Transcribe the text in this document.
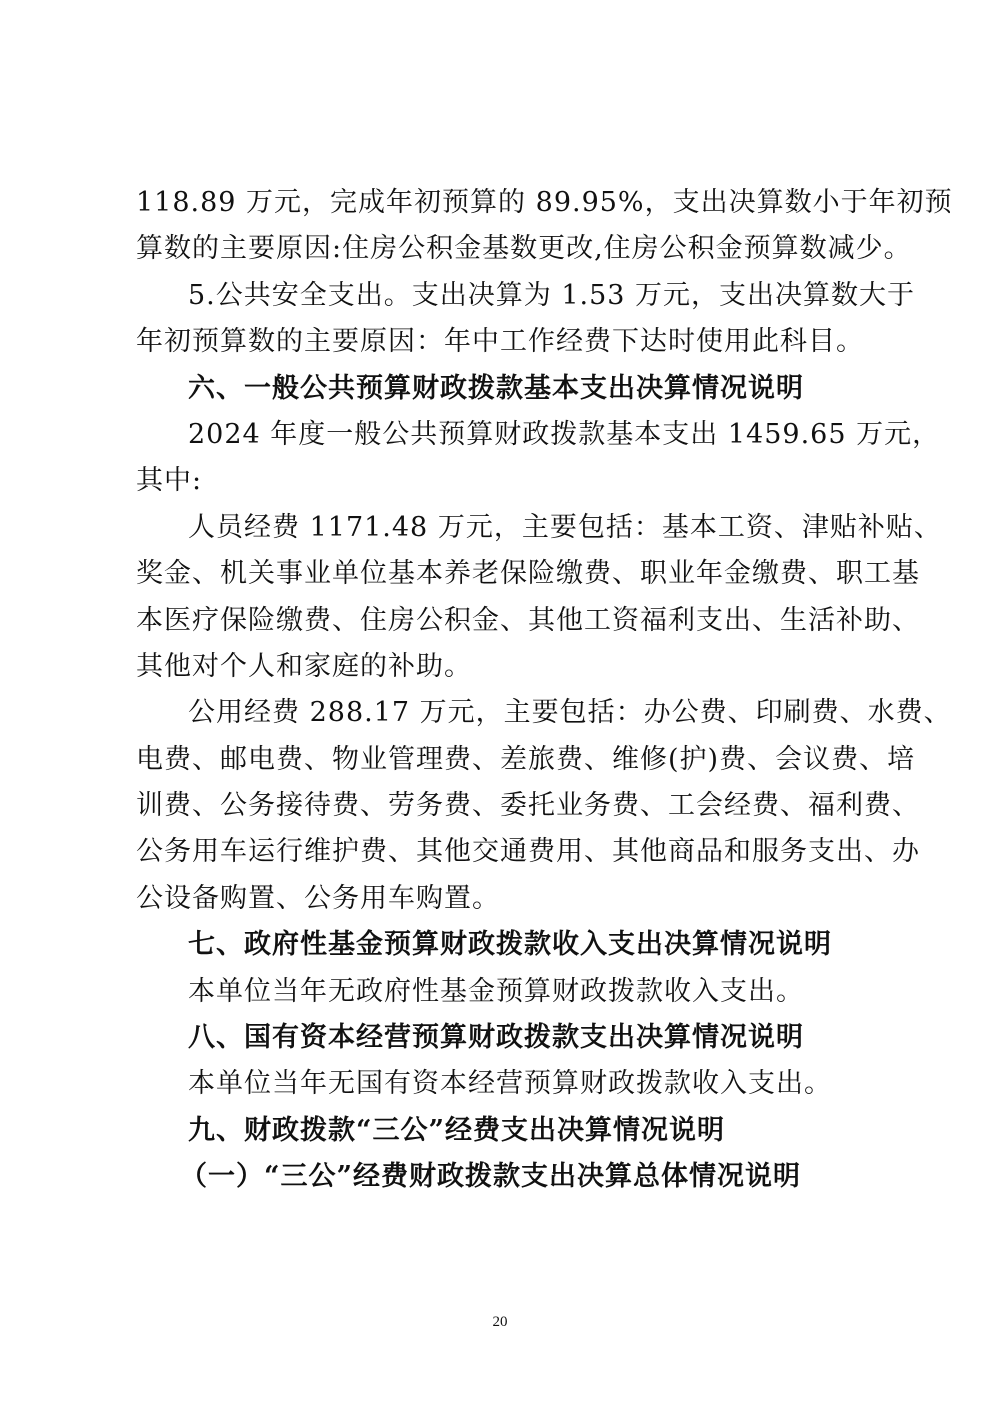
118.89 万元，完成年初预算的 89.95%，支出决算数小于年初预
算数的主要原因:住房公积金基数更改,住房公积金预算数减少。
5.公共安全支出。支出决算为 1.53 万元，支出决算数大于
年初预算数的主要原因：年中工作经费下达时使用此科目。
六、一般公共预算财政拨款基本支出决算情况说明
2024 年度一般公共预算财政拨款基本支出 1459.65 万元，
其中:
人员经费 1171.48 万元，主要包括：基本工资、津贴补贴、
奖金、机关事业单位基本养老保险缴费、职业年金缴费、职工基
本医疗保险缴费、住房公积金、其他工资福利支出、生活补助、
其他对个人和家庭的补助。
公用经费 288.17 万元，主要包括：办公费、印刷费、水费、
电费、邮电费、物业管理费、差旅费、维修(护)费、会议费、培
训费、公务接待费、劳务费、委托业务费、工会经费、福利费、
公务用车运行维护费、其他交通费用、其他商品和服务支出、办
公设备购置、公务用车购置。
七、政府性基金预算财政拨款收入支出决算情况说明
本单位当年无政府性基金预算财政拨款收入支出。
八、国有资本经营预算财政拨款支出决算情况说明
本单位当年无国有资本经营预算财政拨款收入支出。
九、财政拨款“三公”经费支出决算情况说明
（一）“三公”经费财政拨款支出决算总体情况说明
20
